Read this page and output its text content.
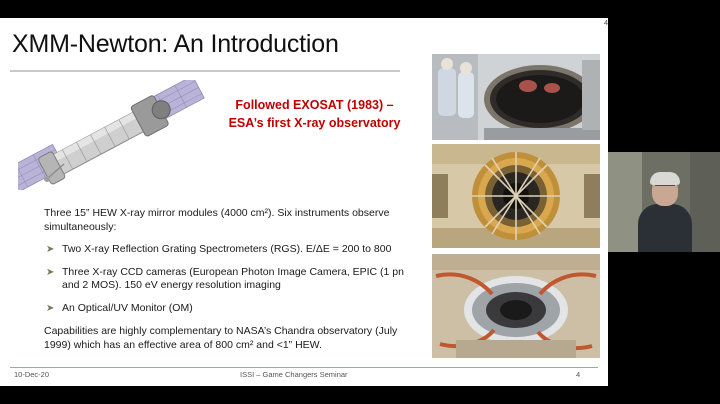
XMM-Newton: An Introduction
Followed EXOSAT (1983) –
ESA’s first X-ray observatory

Three 15” HEW X-ray mirror modules (4000 cm²). Six instruments observe simultaneously:

➤ Two X-ray Reflection Grating Spectrometers (RGS). E/ΔE = 200 to 800
➤ Three X-ray CCD cameras (European Photon Image Camera, EPIC (1 pn and 2 MOS). 150 eV energy resolution imaging
➤ An Optical/UV Monitor (OM)

Capabilities are highly complementary to NASA’s Chandra observatory (July 1999) which has an effective area of 800 cm² and <1” HEW.

10-Dec-20	ISSI – Game Changers Seminar	4
4
